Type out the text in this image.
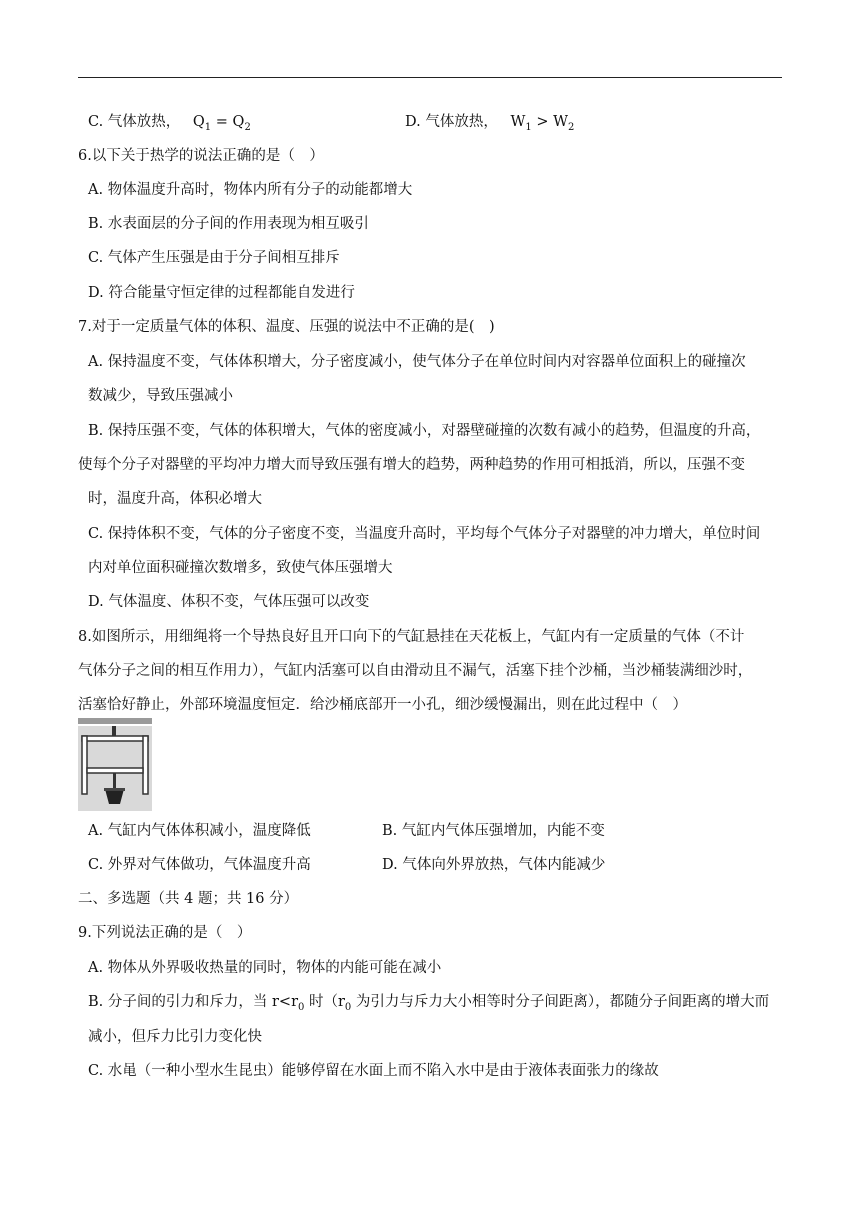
C. 气体放热， $Q_1 = Q_2$	D. 气体放热， $W_1 > W_2$
6.以下关于热学的说法正确的是（　）
A. 物体温度升高时，物体内所有分子的动能都增大
B. 水表面层的分子间的作用表现为相互吸引
C. 气体产生压强是由于分子间相互排斥
D. 符合能量守恒定律的过程都能自发进行
7.对于一定质量气体的体积、温度、压强的说法中不正确的是(　)
A. 保持温度不变，气体体积增大，分子密度减小，使气体分子在单位时间内对容器单位面积上的碰撞次
数减少，导致压强减小
B. 保持压强不变，气体的体积增大，气体的密度减小，对器壁碰撞的次数有减小的趋势，但温度的升高，
使每个分子对器壁的平均冲力增大而导致压强有增大的趋势，两种趋势的作用可相抵消，所以，压强不变
时，温度升高，体积必增大
C. 保持体积不变，气体的分子密度不变，当温度升高时，平均每个气体分子对器壁的冲力增大，单位时间
内对单位面积碰撞次数增多，致使气体压强增大
D. 气体温度、体积不变，气体压强可以改变
8.如图所示，用细绳将一个导热良好且开口向下的气缸悬挂在天花板上，气缸内有一定质量的气体（不计
气体分子之间的相互作用力），气缸内活塞可以自由滑动且不漏气，活塞下挂个沙桶，当沙桶装满细沙时，
活塞恰好静止，外部环境温度恒定．给沙桶底部开一小孔，细沙缓慢漏出，则在此过程中（　）
A. 气缸内气体体积减小，温度降低	B. 气缸内气体压强增加，内能不变
C. 外界对气体做功，气体温度升高	D. 气体向外界放热，气体内能减少
二、多选题（共 4 题；共 16 分）
9.下列说法正确的是（　）
A. 物体从外界吸收热量的同时，物体的内能可能在减小
B. 分子间的引力和斥力，当 $r<r_0$ 时（$r_0$ 为引力与斥力大小相等时分子间距离），都随分子间距离的增大而
减小，但斥力比引力变化快
C. 水黾（一种小型水生昆虫）能够停留在水面上而不陷入水中是由于液体表面张力的缘故
